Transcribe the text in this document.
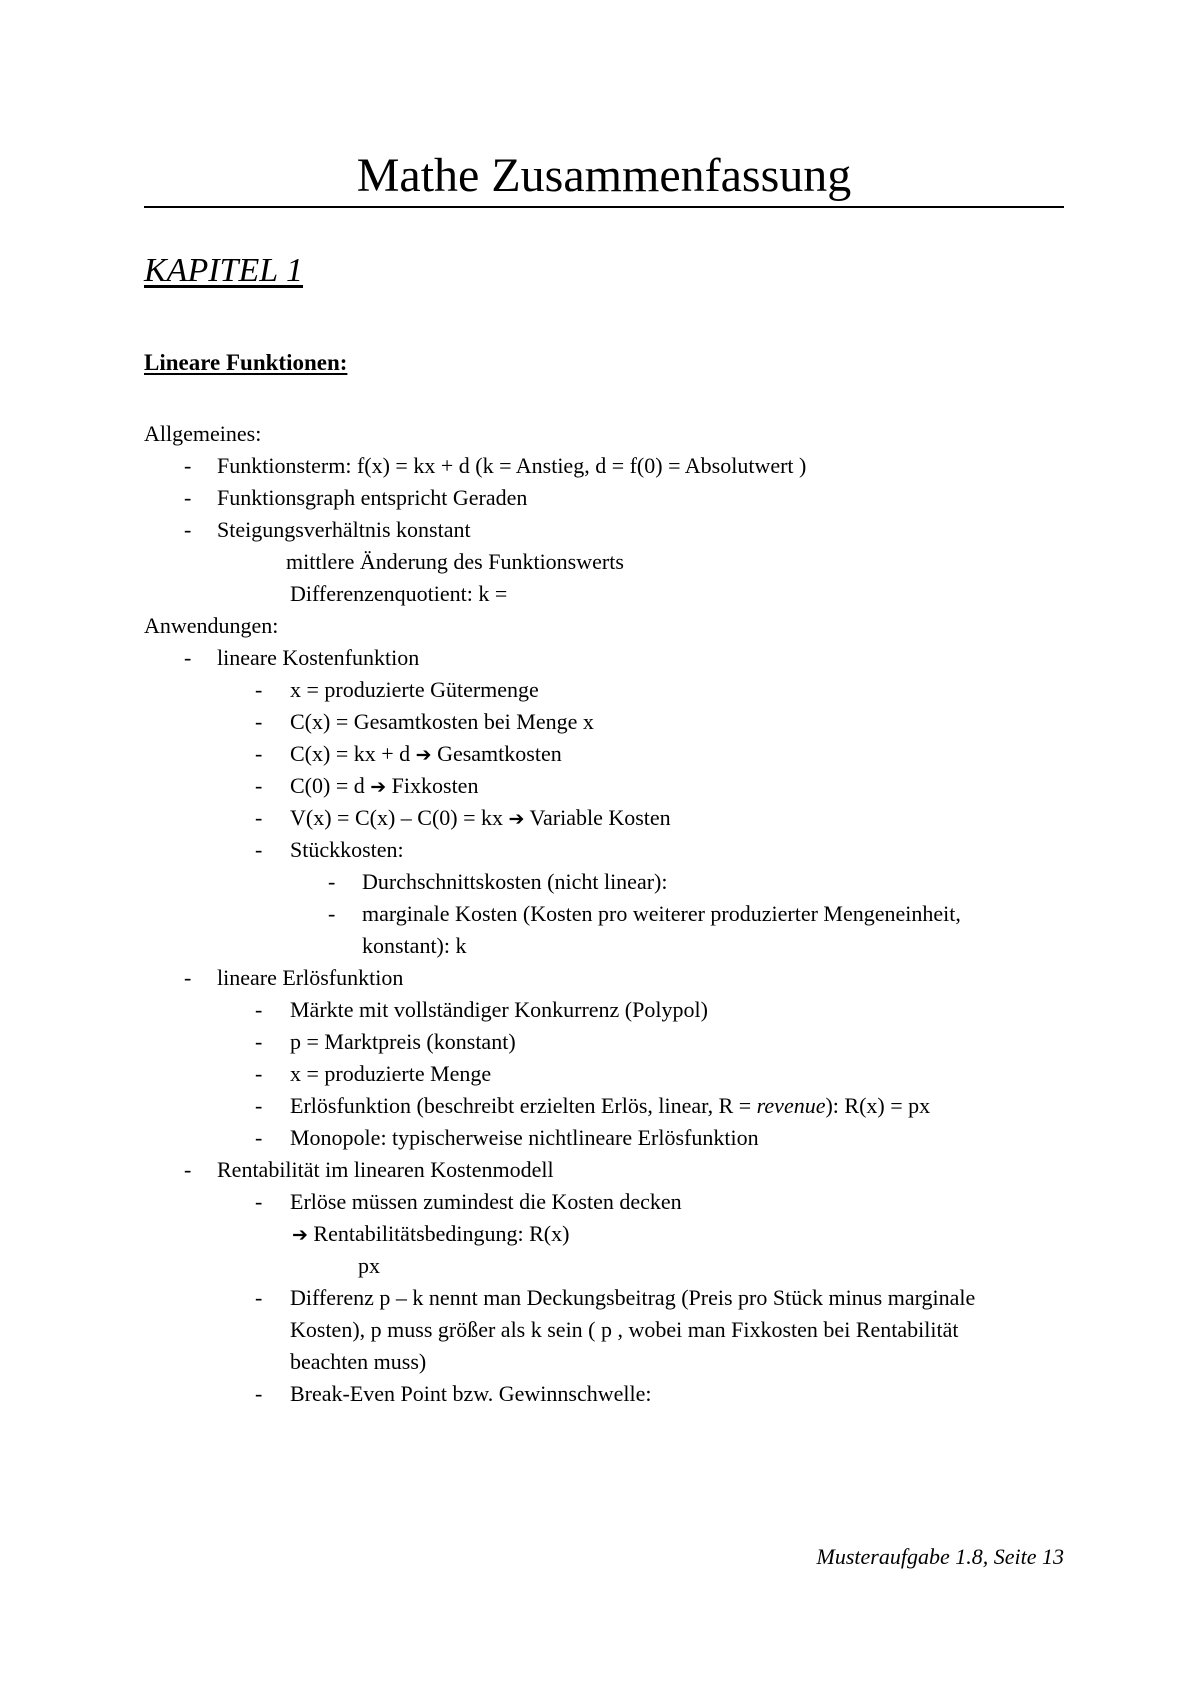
Mathe Zusammenfassung
KAPITEL 1
Lineare Funktionen:
Allgemeines:
- Funktionsterm: f(x) = kx + d (k = Anstieg, d = f(0) = Absolutwert )
- Funktionsgraph entspricht Geraden
- Steigungsverhältnis konstant
mittlere Änderung des Funktionswerts
Differenzenquotient: k =
Anwendungen:
- lineare Kostenfunktion
- x = produzierte Gütermenge
- C(x) = Gesamtkosten bei Menge x
- C(x) = kx + d ➔ Gesamtkosten
- C(0) = d ➔ Fixkosten
- V(x) = C(x) – C(0) = kx ➔ Variable Kosten
- Stückkosten:
- Durchschnittskosten (nicht linear):
- marginale Kosten (Kosten pro weiterer produzierter Mengeneinheit,
konstant): k
- lineare Erlösfunktion
- Märkte mit vollständiger Konkurrenz (Polypol)
- p = Marktpreis (konstant)
- x = produzierte Menge
- Erlösfunktion (beschreibt erzielten Erlös, linear, R = revenue): R(x) = px
- Monopole: typischerweise nichtlineare Erlösfunktion
- Rentabilität im linearen Kostenmodell
- Erlöse müssen zumindest die Kosten decken
➔ Rentabilitätsbedingung: R(x)
px
- Differenz p – k nennt man Deckungsbeitrag (Preis pro Stück minus marginale
Kosten), p muss größer als k sein ( p , wobei man Fixkosten bei Rentabilität
beachten muss)
- Break-Even Point bzw. Gewinnschwelle:
Musteraufgabe 1.8, Seite 13
